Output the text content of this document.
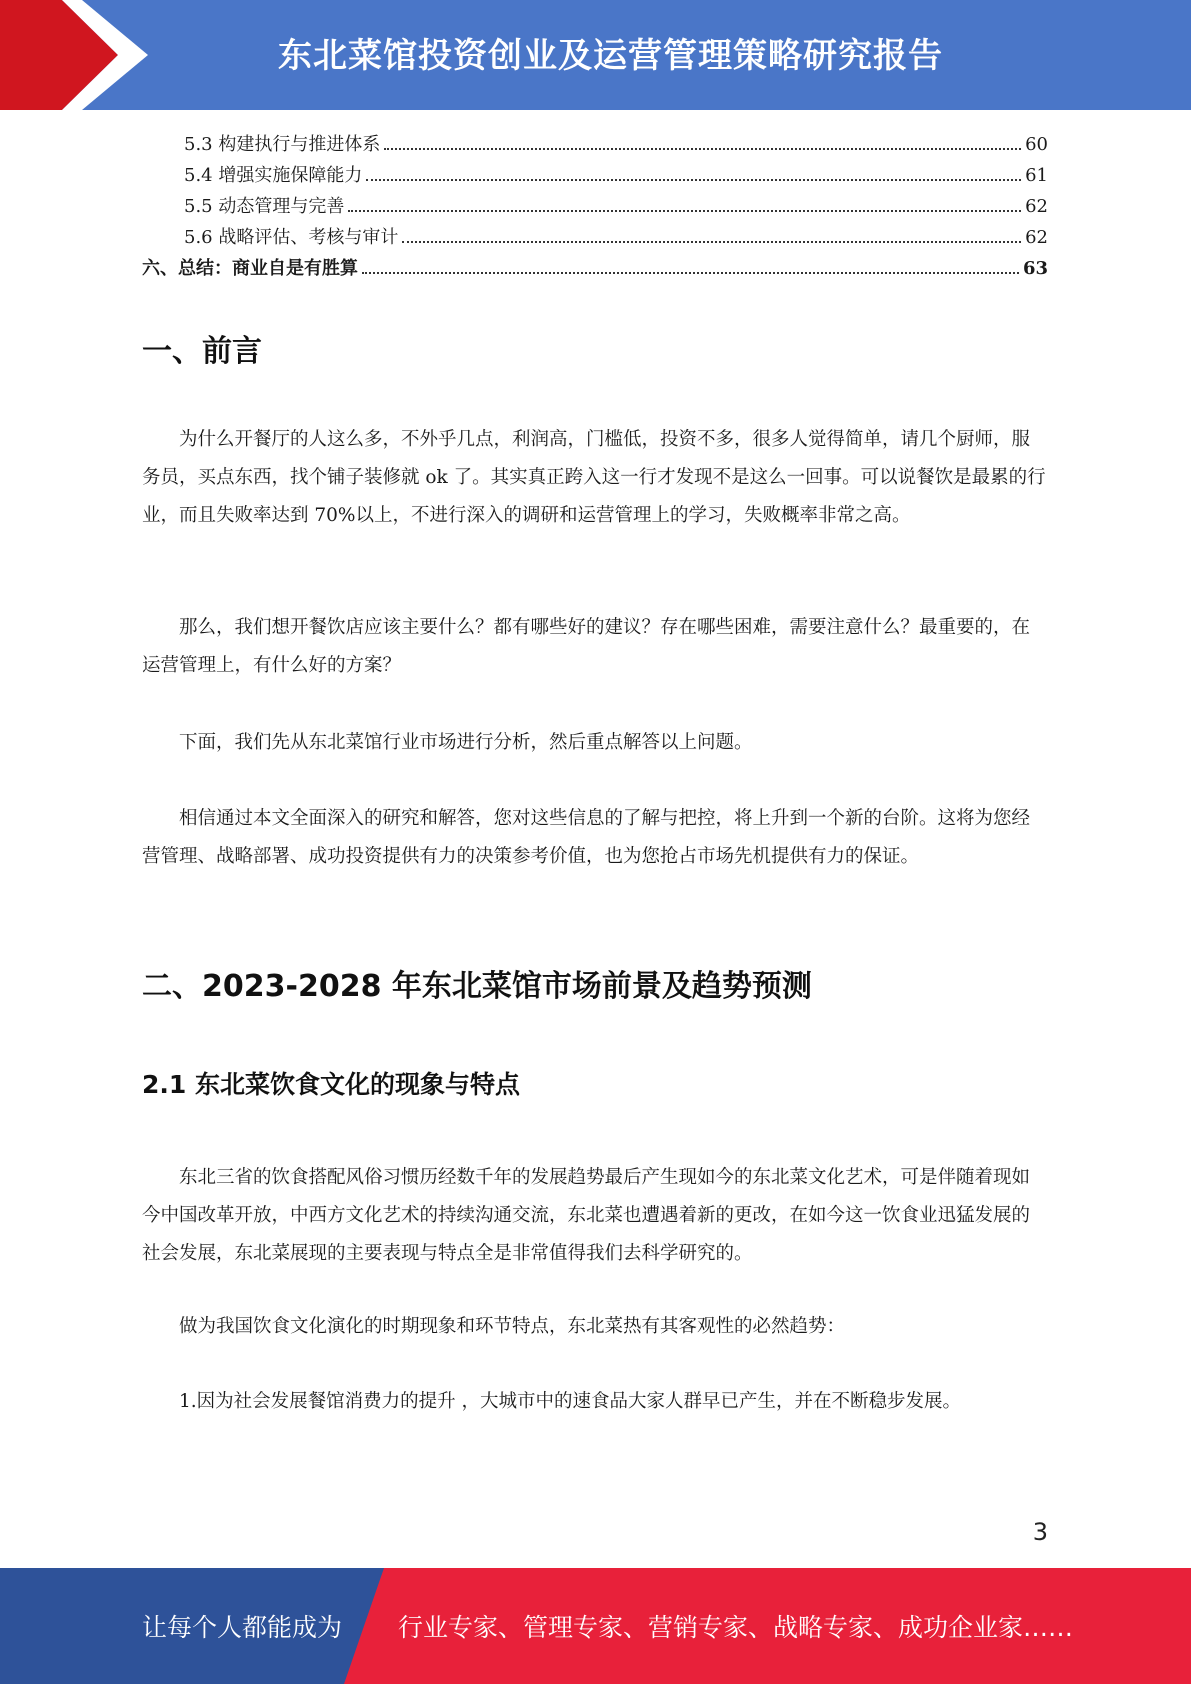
东北菜馆投资创业及运营管理策略研究报告
5.3 构建执行与推进体系	60
5.4 增强实施保障能力	61
5.5 动态管理与完善	62
5.6 战略评估、考核与审计	62
六、总结：商业自是有胜算	63
一、前言

为什么开餐厅的人这么多，不外乎几点，利润高，门槛低，投资不多，很多人觉得简单，请几个厨师，服务员，买点东西，找个铺子装修就 ok 了。其实真正跨入这一行才发现不是这么一回事。可以说餐饮是最累的行业，而且失败率达到 70%以上，不进行深入的调研和运营管理上的学习，失败概率非常之高。

那么，我们想开餐饮店应该主要什么？都有哪些好的建议？存在哪些困难，需要注意什么？最重要的，在运营管理上，有什么好的方案？

下面，我们先从东北菜馆行业市场进行分析，然后重点解答以上问题。

相信通过本文全面深入的研究和解答，您对这些信息的了解与把控，将上升到一个新的台阶。这将为您经营管理、战略部署、成功投资提供有力的决策参考价值，也为您抢占市场先机提供有力的保证。

二、2023-2028 年东北菜馆市场前景及趋势预测
2.1 东北菜饮食文化的现象与特点

东北三省的饮食搭配风俗习惯历经数千年的发展趋势最后产生现如今的东北菜文化艺术，可是伴随着现如今中国改革开放，中西方文化艺术的持续沟通交流，东北菜也遭遇着新的更改，在如今这一饮食业迅猛发展的社会发展，东北菜展现的主要表现与特点全是非常值得我们去科学研究的。

做为我国饮食文化演化的时期现象和环节特点，东北菜热有其客观性的必然趋势：

1.因为社会发展餐馆消费力的提升 ，大城市中的速食品大家人群早已产生，并在不断稳步发展。

3
让每个人都能成为 行业专家、管理专家、营销专家、战略专家、成功企业家……
